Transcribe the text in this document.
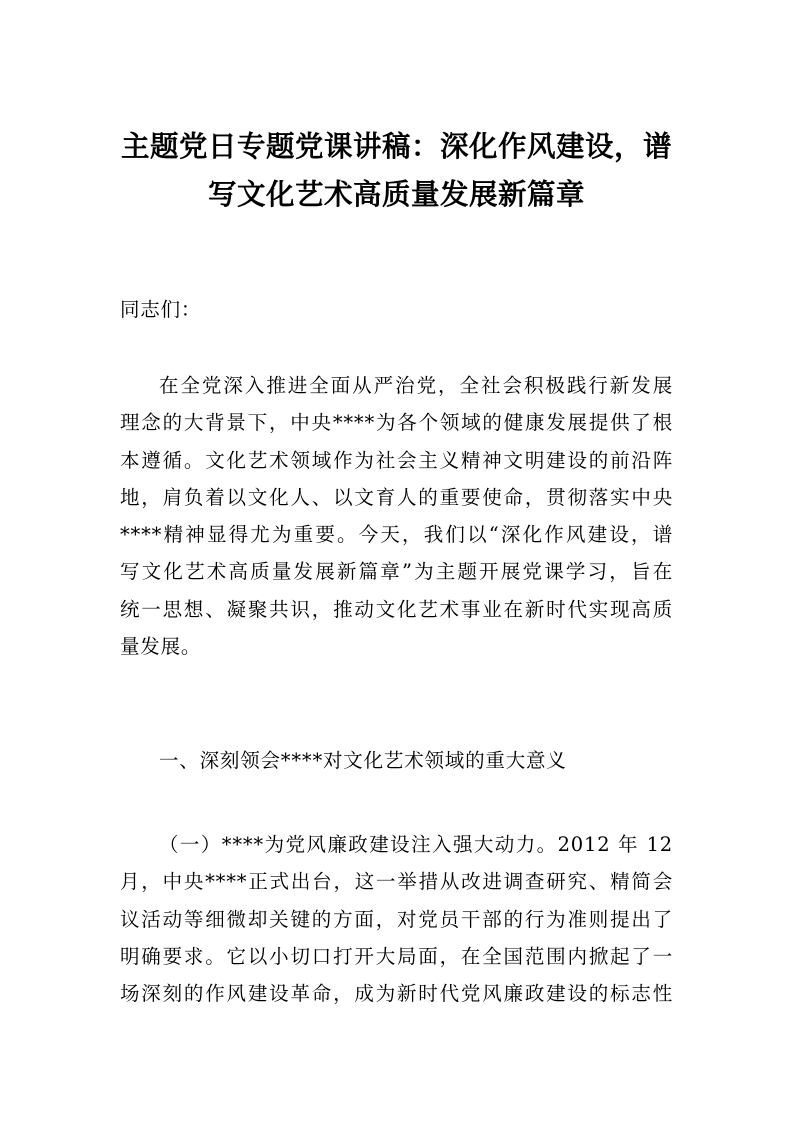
主题党日专题党课讲稿：深化作风建设，谱
写文化艺术高质量发展新篇章
同志们：
在全党深入推进全面从严治党，全社会积极践行新发展
理念的大背景下，中央****为各个领域的健康发展提供了根
本遵循。文化艺术领域作为社会主义精神文明建设的前沿阵
地，肩负着以文化人、以文育人的重要使命，贯彻落实中央
****精神显得尤为重要。今天，我们以“深化作风建设，谱
写文化艺术高质量发展新篇章”为主题开展党课学习，旨在
统一思想、凝聚共识，推动文化艺术事业在新时代实现高质
量发展。
一、深刻领会****对文化艺术领域的重大意义
（一）****为党风廉政建设注入强大动力。2012 年 12
月，中央****正式出台，这一举措从改进调查研究、精简会
议活动等细微却关键的方面，对党员干部的行为准则提出了
明确要求。它以小切口打开大局面，在全国范围内掀起了一
场深刻的作风建设革命，成为新时代党风廉政建设的标志性
